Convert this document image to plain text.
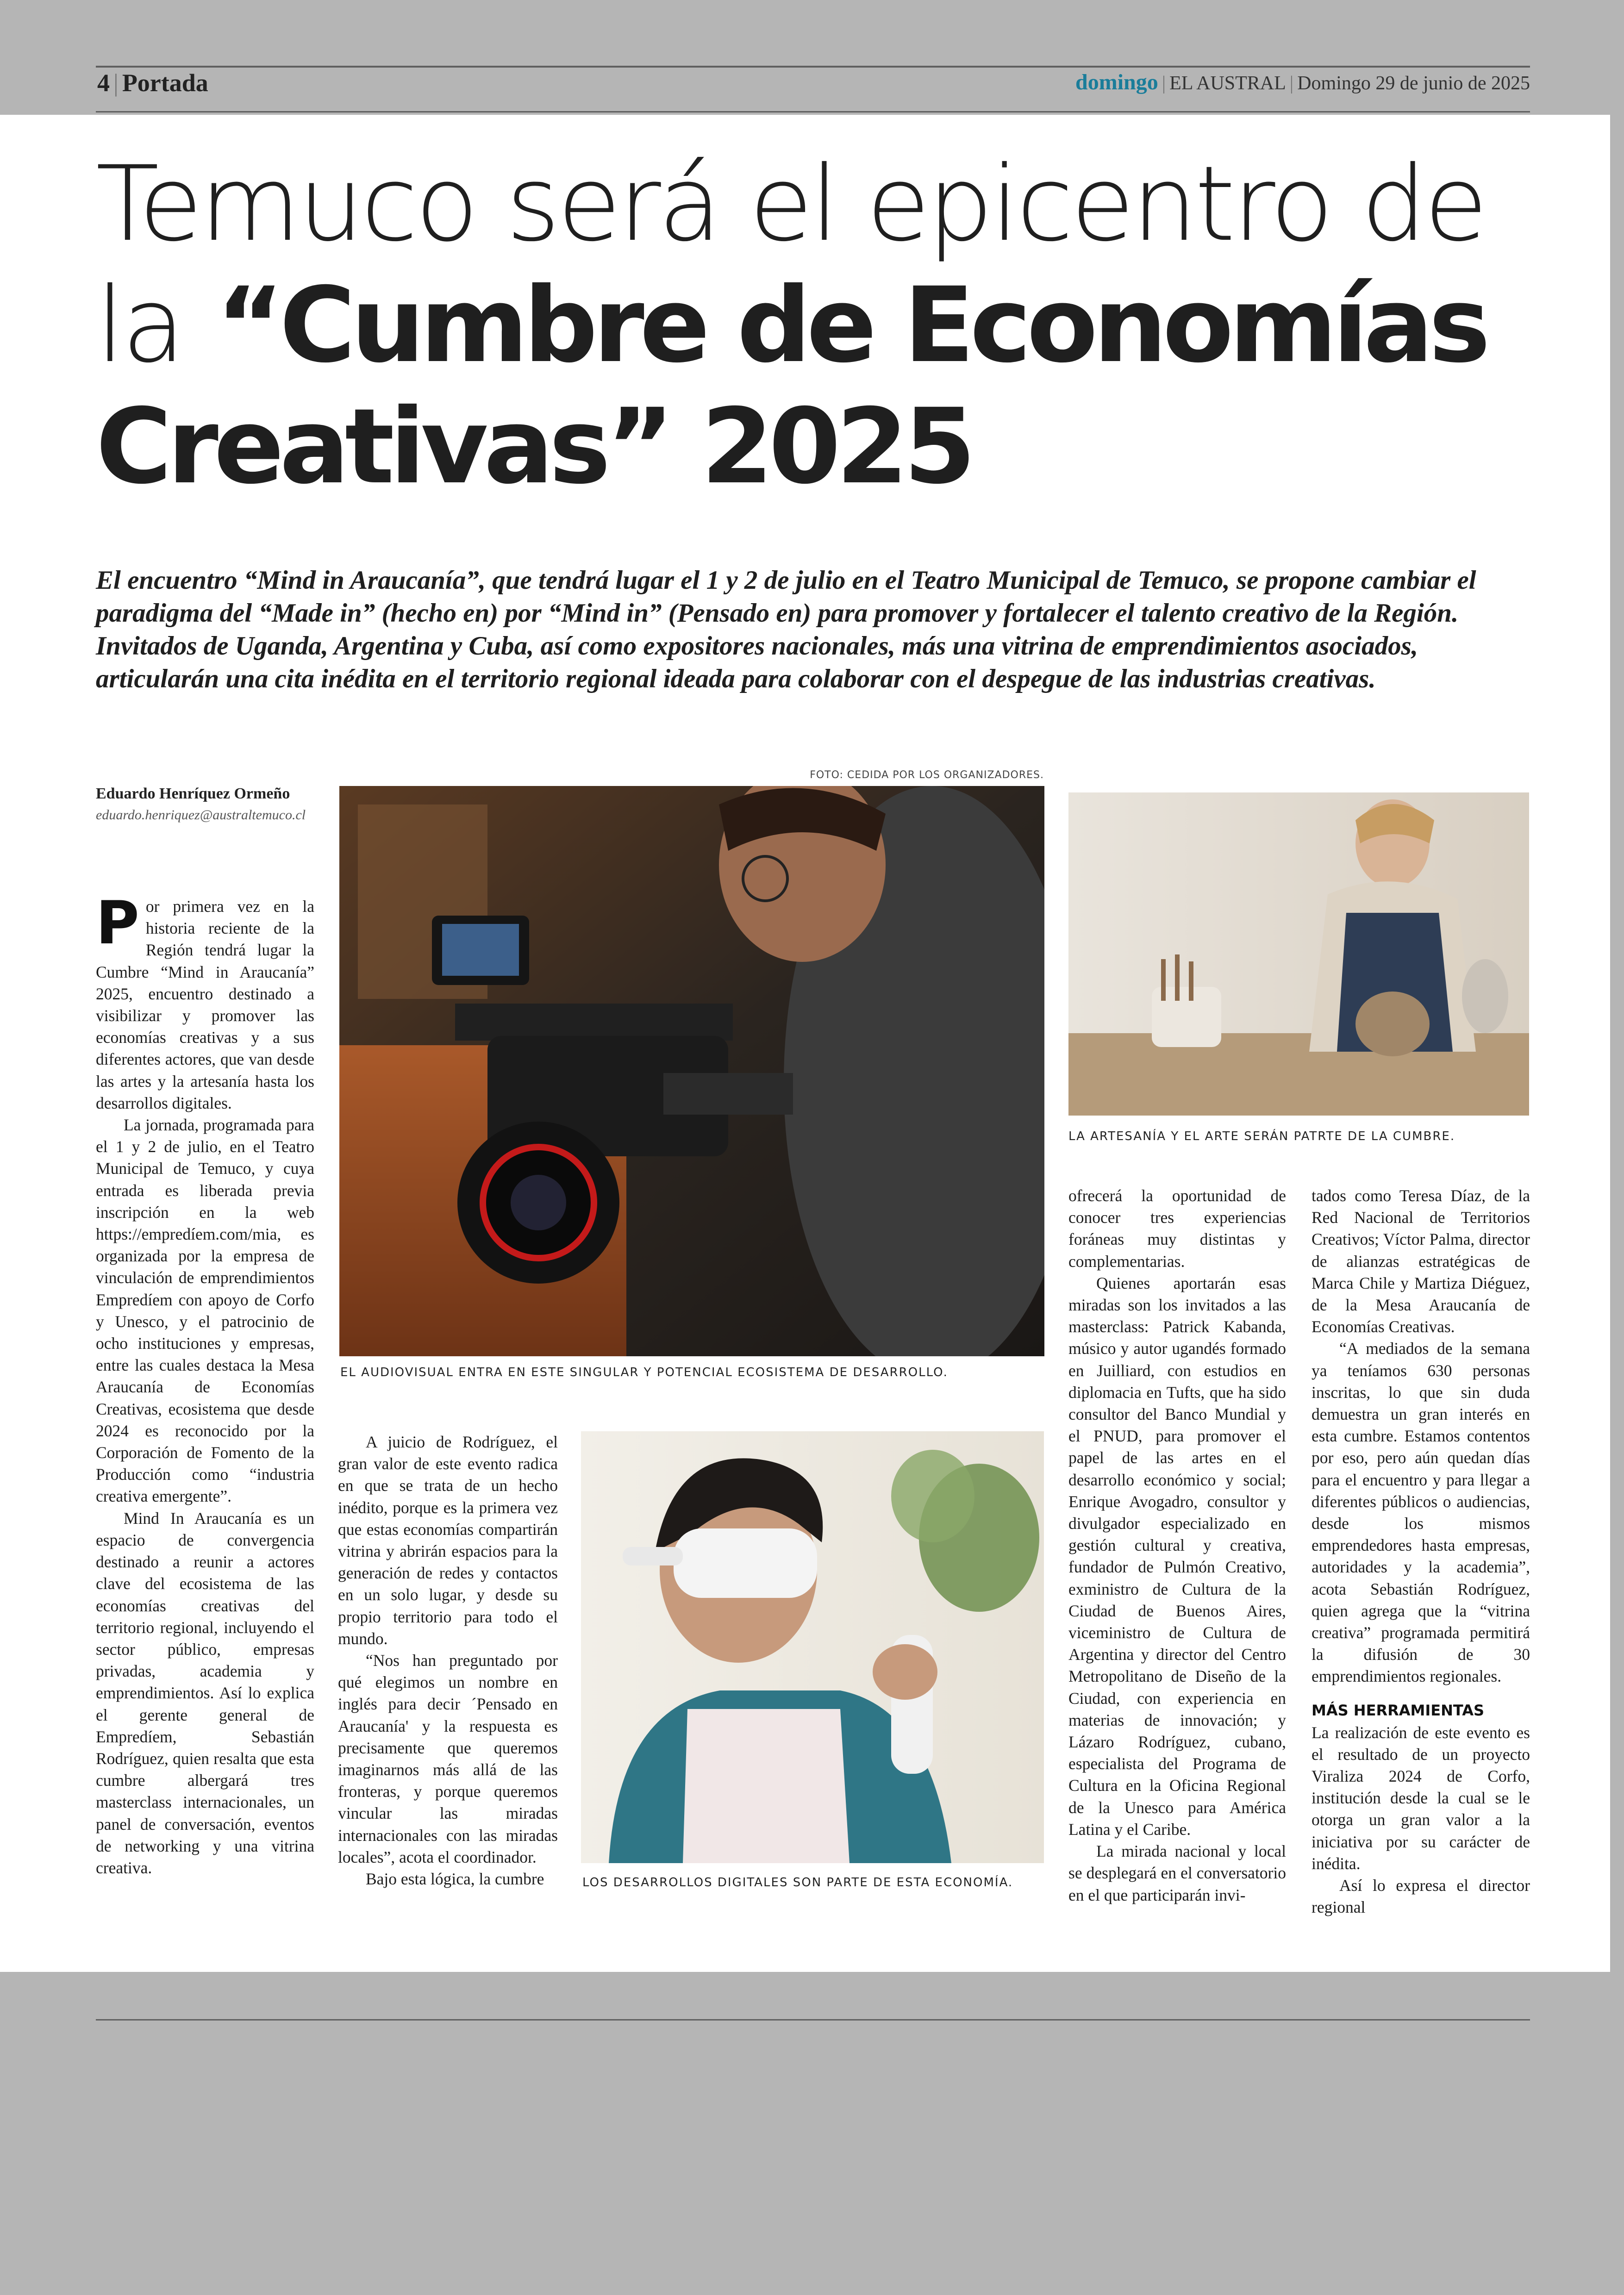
4 | Portada	domingo | EL AUSTRAL | Domingo 29 de junio de 2025
Temuco será el epicentro de la “Cumbre de Economías Creativas” 2025

El encuentro “Mind in Araucanía”, que tendrá lugar el 1 y 2 de julio en el Teatro Municipal de Temuco, se propone cambiar el paradigma del “Made in” (hecho en) por “Mind in” (Pensado en) para promover y fortalecer el talento creativo de la Región. Invitados de Uganda, Argentina y Cuba, así como expositores nacionales, más una vitrina de emprendimientos asociados, articularán una cita inédita en el territorio regional ideada para colaborar con el despegue de las industrias creativas.

Eduardo Henríquez Ormeño
eduardo.henriquez@australtemuco.cl
P or primera vez en la historia reciente de la Región tendrá lugar la Cumbre “Mind in Araucanía” 2025, encuentro destinado a visibilizar y promover las economías creativas y a sus diferentes actores, que van desde las artes y la artesanía hasta los desarrollos digitales.

La jornada, programada para el 1 y 2 de julio, en el Teatro Municipal de Temuco, y cuya entrada es liberada previa inscripción en la web https://empredíem.com/mia, es organizada por la empresa de vinculación de emprendimientos Empredíem con apoyo de Corfo y Unesco, y el patrocinio de ocho instituciones y empresas, entre las cuales destaca la Mesa Araucanía de Economías Creativas, ecosistema que desde 2024 es reconocido por la Corporación de Fomento de la Producción como “industria creativa emergente”.

Mind In Araucanía es un espacio de convergencia destinado a reunir a actores clave del ecosistema de las economías creativas del territorio regional, incluyendo el sector público, empresas privadas, academia y emprendimientos. Así lo explica el gerente general de Empredíem, Sebastián Rodríguez, quien resalta que esta cumbre albergará tres masterclass internacionales, un panel de conversación, eventos de networking y una vitrina creativa.

FOTO: CEDIDA POR LOS ORGANIZADORES.
EL AUDIOVISUAL ENTRA EN ESTE SINGULAR Y POTENCIAL ECOSISTEMA DE DESARROLLO.
LA ARTESANÍA Y EL ARTE SERÁN PATRTE DE LA CUMBRE.
LOS DESARROLLOS DIGITALES SON PARTE DE ESTA ECONOMÍA.

A juicio de Rodríguez, el gran valor de este evento radica en que se trata de un hecho inédito, porque es la primera vez que estas economías compartirán vitrina y abrirán espacios para la generación de redes y contactos en un solo lugar, y desde su propio territorio para todo el mundo.

“Nos han preguntado por qué elegimos un nombre en inglés para decir ´Pensado en Araucanía' y la respuesta es precisamente que queremos imaginarnos más allá de las fronteras, y porque queremos vincular las miradas internacionales con las miradas locales”, acota el coordinador.

Bajo esta lógica, la cumbre

ofrecerá la oportunidad de conocer tres experiencias foráneas muy distintas y complementarias.

Quienes aportarán esas miradas son los invitados a las masterclass: Patrick Kabanda, músico y autor ugandés formado en Juilliard, con estudios en diplomacia en Tufts, que ha sido consultor del Banco Mundial y el PNUD, para promover el papel de las artes en el desarrollo económico y social; Enrique Avogadro, consultor y divulgador especializado en gestión cultural y creativa, fundador de Pulmón Creativo, exministro de Cultura de la Ciudad de Buenos Aires, viceministro de Cultura de Argentina y director del Centro Metropolitano de Diseño de la Ciudad, con experiencia en materias de innovación; y Lázaro Rodríguez, cubano, especialista del Programa de Cultura en la Oficina Regional de la Unesco para América Latina y el Caribe.

La mirada nacional y local se desplegará en el conversatorio en el que participarán invi-

tados como Teresa Díaz, de la Red Nacional de Territorios Creativos; Víctor Palma, director de alianzas estratégicas de Marca Chile y Martiza Diéguez, de la Mesa Araucanía de Economías Creativas.

“A mediados de la semana ya teníamos 630 personas inscritas, lo que sin duda demuestra un gran interés en esta cumbre. Estamos contentos por eso, pero aún quedan días para el encuentro y para llegar a diferentes públicos o audiencias, desde los mismos emprendedores hasta empresas, autoridades y la academia”, acota Sebastián Rodríguez, quien agrega que la “vitrina creativa” programada permitirá la difusión de 30 emprendimientos regionales.

MÁS HERRAMIENTAS

La realización de este evento es el resultado de un proyecto Viraliza 2024 de Corfo, institución desde la cual se le otorga un gran valor a la iniciativa por su carácter de inédita.

Así lo expresa el director regional
